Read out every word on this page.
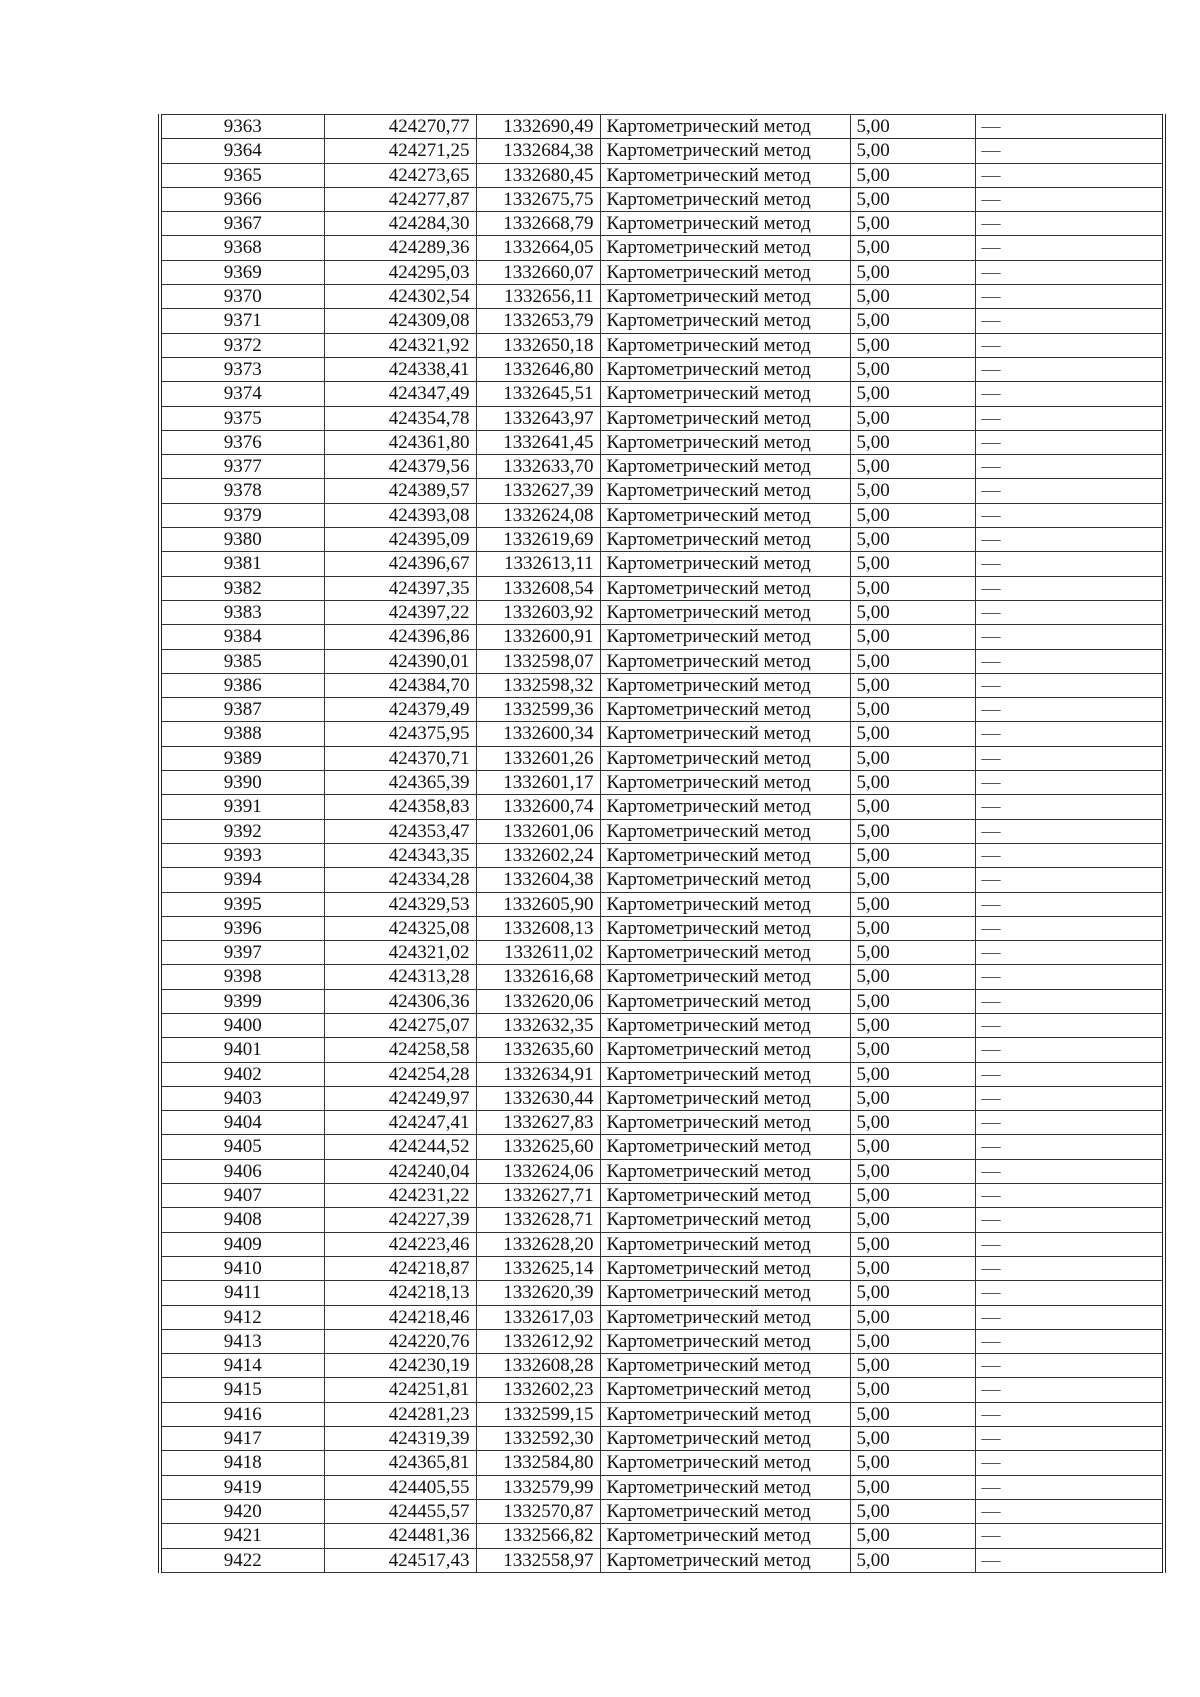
9363	424270,77	1332690,49	Картометрический метод	5,00	—
9364	424271,25	1332684,38	Картометрический метод	5,00	—
9365	424273,65	1332680,45	Картометрический метод	5,00	—
9366	424277,87	1332675,75	Картометрический метод	5,00	—
9367	424284,30	1332668,79	Картометрический метод	5,00	—
9368	424289,36	1332664,05	Картометрический метод	5,00	—
9369	424295,03	1332660,07	Картометрический метод	5,00	—
9370	424302,54	1332656,11	Картометрический метод	5,00	—
9371	424309,08	1332653,79	Картометрический метод	5,00	—
9372	424321,92	1332650,18	Картометрический метод	5,00	—
9373	424338,41	1332646,80	Картометрический метод	5,00	—
9374	424347,49	1332645,51	Картометрический метод	5,00	—
9375	424354,78	1332643,97	Картометрический метод	5,00	—
9376	424361,80	1332641,45	Картометрический метод	5,00	—
9377	424379,56	1332633,70	Картометрический метод	5,00	—
9378	424389,57	1332627,39	Картометрический метод	5,00	—
9379	424393,08	1332624,08	Картометрический метод	5,00	—
9380	424395,09	1332619,69	Картометрический метод	5,00	—
9381	424396,67	1332613,11	Картометрический метод	5,00	—
9382	424397,35	1332608,54	Картометрический метод	5,00	—
9383	424397,22	1332603,92	Картометрический метод	5,00	—
9384	424396,86	1332600,91	Картометрический метод	5,00	—
9385	424390,01	1332598,07	Картометрический метод	5,00	—
9386	424384,70	1332598,32	Картометрический метод	5,00	—
9387	424379,49	1332599,36	Картометрический метод	5,00	—
9388	424375,95	1332600,34	Картометрический метод	5,00	—
9389	424370,71	1332601,26	Картометрический метод	5,00	—
9390	424365,39	1332601,17	Картометрический метод	5,00	—
9391	424358,83	1332600,74	Картометрический метод	5,00	—
9392	424353,47	1332601,06	Картометрический метод	5,00	—
9393	424343,35	1332602,24	Картометрический метод	5,00	—
9394	424334,28	1332604,38	Картометрический метод	5,00	—
9395	424329,53	1332605,90	Картометрический метод	5,00	—
9396	424325,08	1332608,13	Картометрический метод	5,00	—
9397	424321,02	1332611,02	Картометрический метод	5,00	—
9398	424313,28	1332616,68	Картометрический метод	5,00	—
9399	424306,36	1332620,06	Картометрический метод	5,00	—
9400	424275,07	1332632,35	Картометрический метод	5,00	—
9401	424258,58	1332635,60	Картометрический метод	5,00	—
9402	424254,28	1332634,91	Картометрический метод	5,00	—
9403	424249,97	1332630,44	Картометрический метод	5,00	—
9404	424247,41	1332627,83	Картометрический метод	5,00	—
9405	424244,52	1332625,60	Картометрический метод	5,00	—
9406	424240,04	1332624,06	Картометрический метод	5,00	—
9407	424231,22	1332627,71	Картометрический метод	5,00	—
9408	424227,39	1332628,71	Картометрический метод	5,00	—
9409	424223,46	1332628,20	Картометрический метод	5,00	—
9410	424218,87	1332625,14	Картометрический метод	5,00	—
9411	424218,13	1332620,39	Картометрический метод	5,00	—
9412	424218,46	1332617,03	Картометрический метод	5,00	—
9413	424220,76	1332612,92	Картометрический метод	5,00	—
9414	424230,19	1332608,28	Картометрический метод	5,00	—
9415	424251,81	1332602,23	Картометрический метод	5,00	—
9416	424281,23	1332599,15	Картометрический метод	5,00	—
9417	424319,39	1332592,30	Картометрический метод	5,00	—
9418	424365,81	1332584,80	Картометрический метод	5,00	—
9419	424405,55	1332579,99	Картометрический метод	5,00	—
9420	424455,57	1332570,87	Картометрический метод	5,00	—
9421	424481,36	1332566,82	Картометрический метод	5,00	—
9422	424517,43	1332558,97	Картометрический метод	5,00	—
